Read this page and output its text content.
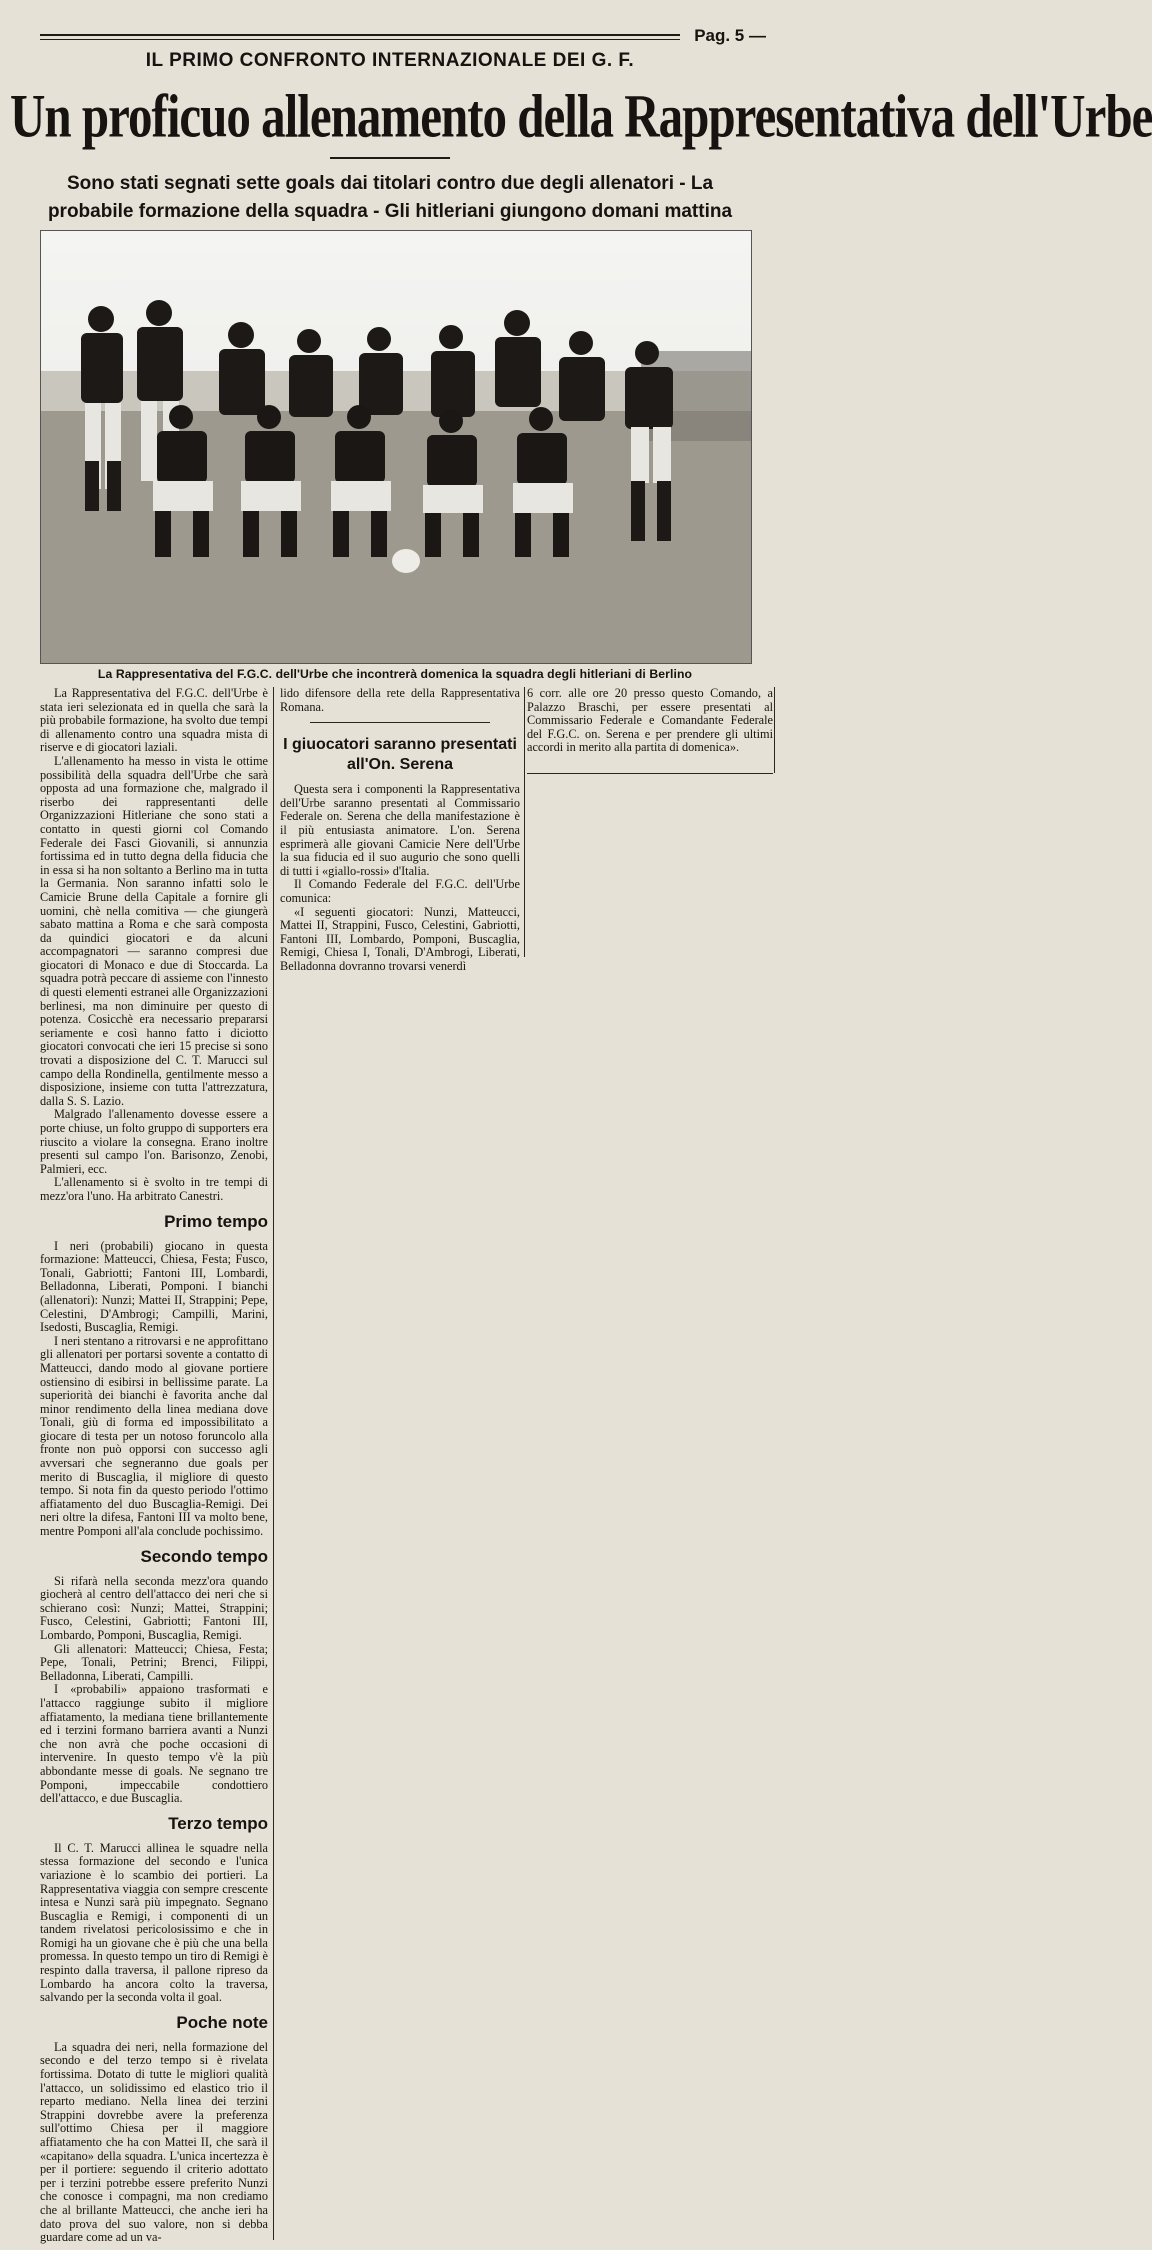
Pag. 5 —
IL PRIMO CONFRONTO INTERNAZIONALE DEI G. F.
Un proficuo allenamento della Rappresentativa dell'Urbe
Sono stati segnati sette goals dai titolari contro due degli allenatori - La probabile formazione della squadra - Gli hitleriani giungono domani mattina
La Rappresentativa del F.G.C. dell'Urbe che incontrerà domenica la squadra degli hitleriani di Berlino

La Rappresentativa del F.G.C. dell'Urbe è stata ieri selezionata ed in quella che sarà la più probabile formazione, ha svolto due tempi di allenamento contro una squadra mista di riserve e di giocatori laziali.

L'allenamento ha messo in vista le ottime possibilità della squadra dell'Urbe che sarà opposta ad una formazione che, malgrado il riserbo dei rappresentanti delle Organizzazioni Hitleriane che sono stati a contatto in questi giorni col Comando Federale dei Fasci Giovanili, si annunzia fortissima ed in tutto degna della fiducia che in essa si ha non soltanto a Berlino ma in tutta la Germania. Non saranno infatti solo le Camicie Brune della Capitale a fornire gli uomini, chè nella comitiva — che giungerà sabato mattina a Roma e che sarà composta da quindici giocatori e da alcuni accompagnatori — saranno compresi due giocatori di Monaco e due di Stoccarda. La squadra potrà peccare di assieme con l'innesto di questi elementi estranei alle Organizzazioni berlinesi, ma non diminuire per questo di potenza. Cosicchè era necessario prepararsi seriamente e così hanno fatto i diciotto giocatori convocati che ieri 15 precise si sono trovati a disposizione del C. T. Marucci sul campo della Rondinella, gentilmente messo a disposizione, insieme con tutta l'attrezzatura, dalla S. S. Lazio.

Malgrado l'allenamento dovesse essere a porte chiuse, un folto gruppo di supporters era riuscito a violare la consegna. Erano inoltre presenti sul campo l'on. Barisonzo, Zenobi, Palmieri, ecc.

L'allenamento si è svolto in tre tempi di mezz'ora l'uno. Ha arbitrato Canestri.

Primo tempo

I neri (probabili) giocano in questa formazione: Matteucci, Chiesa, Festa; Fusco, Tonali, Gabriotti; Fantoni III, Lombardi, Belladonna, Liberati, Pomponi. I bianchi (allenatori): Nunzi; Mattei II, Strappini; Pepe, Celestini, D'Ambrogi; Campilli, Marini, Isedosti, Buscaglia, Remigi.

I neri stentano a ritrovarsi e ne approfittano gli allenatori per portarsi sovente a contatto di Matteucci, dando modo al giovane portiere ostiensino di esibirsi in bellissime parate. La superiorità dei bianchi è favorita anche dal minor rendimento della linea mediana dove Tonali, giù di forma ed impossibilitato a giocare di testa per un notoso foruncolo alla fronte non può opporsi con successo agli avversari che segneranno due goals per merito di Buscaglia, il migliore di questo tempo. Si nota fin da questo periodo l'ottimo affiatamento del duo Buscaglia-Remigi. Dei neri oltre la difesa, Fantoni III va molto bene, mentre Pomponi all'ala conclude pochissimo.

Secondo tempo

Si rifarà nella seconda mezz'ora quando giocherà al centro dell'attacco dei neri che si schierano così: Nunzi; Mattei, Strappini; Fusco, Celestini, Gabriotti; Fantoni III, Lombardo, Pomponi, Buscaglia, Remigi.

Gli allenatori: Matteucci; Chiesa, Festa; Pepe, Tonali, Petrini; Brenci, Filippi, Belladonna, Liberati, Campilli.

I «probabili» appaiono trasformati e l'attacco raggiunge subito il migliore affiatamento, la mediana tiene brillantemente ed i terzini formano barriera avanti a Nunzi che non avrà che poche occasioni di intervenire. In questo tempo v'è la più abbondante messe di goals. Ne segnano tre Pomponi, impeccabile condottiero dell'attacco, e due Buscaglia.

Terzo tempo

Il C. T. Marucci allinea le squadre nella stessa formazione del secondo e l'unica variazione è lo scambio dei portieri. La Rappresentativa viaggia con sempre crescente intesa e Nunzi sarà più impegnato. Segnano Buscaglia e Remigi, i componenti di un tandem rivelatosi pericolosissimo e che in Romigi ha un giovane che è più che una bella promessa. In questo tempo un tiro di Remigi è respinto dalla traversa, il pallone ripreso da Lombardo ha ancora colto la traversa, salvando per la seconda volta il goal.

Poche note

La squadra dei neri, nella formazione del secondo e del terzo tempo si è rivelata fortissima. Dotato di tutte le migliori qualità l'attacco, un solidissimo ed elastico trio il reparto mediano. Nella linea dei terzini Strappini dovrebbe avere la preferenza sull'ottimo Chiesa per il maggiore affiatamento che ha con Mattei II, che sarà il «capitano» della squadra. L'unica incertezza è per il portiere: seguendo il criterio adottato per i terzini potrebbe essere preferito Nunzi che conosce i compagni, ma non crediamo che al brillante Matteucci, che anche ieri ha dato prova del suo valore, non si debba guardare come ad un va-

lido difensore della rete della Rappresentativa Romana.

I giuocatori saranno presentati all'On. Serena

Questa sera i componenti la Rappresentativa dell'Urbe saranno presentati al Commissario Federale on. Serena che della manifestazione è il più entusiasta animatore. L'on. Serena esprimerà alle giovani Camicie Nere dell'Urbe la sua fiducia ed il suo augurio che sono quelli di tutti i «giallo-rossi» d'Italia.

Il Comando Federale del F.G.C. dell'Urbe comunica:

«I seguenti giocatori: Nunzi, Matteucci, Mattei II, Strappini, Fusco, Celestini, Gabriotti, Fantoni III, Lombardo, Pomponi, Buscaglia, Remigi, Chiesa I, Tonali, D'Ambrogi, Liberati, Belladonna dovranno trovarsi venerdì

6 corr. alle ore 20 presso questo Comando, a Palazzo Braschi, per essere presentati al Commissario Federale e Comandante Federale del F.G.C. on. Serena e per prendere gli ultimi accordi in merito alla partita di domenica».
